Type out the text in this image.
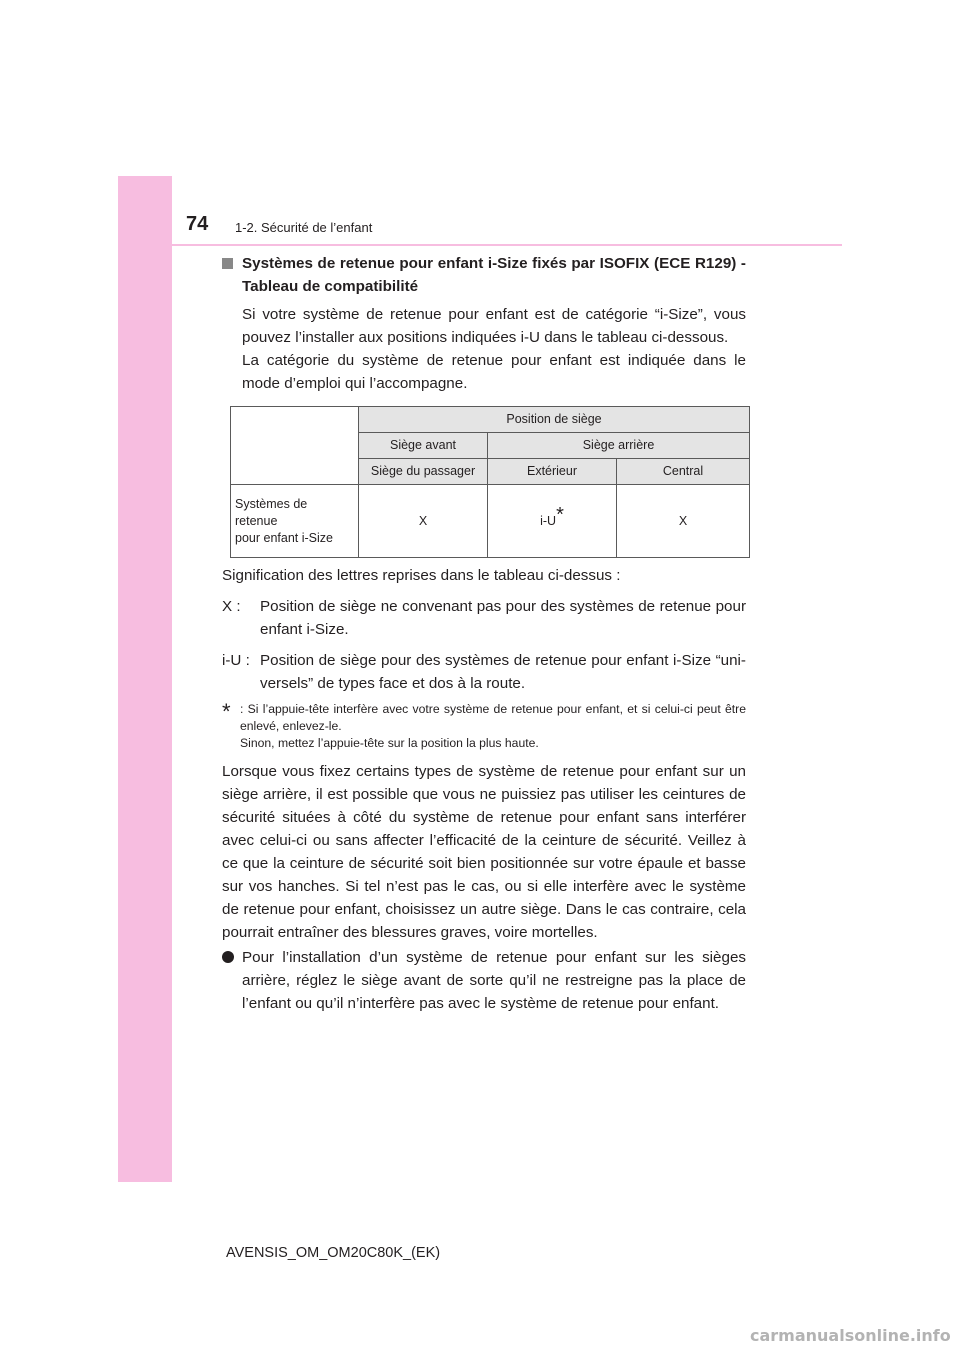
74 1-2. Sécurité de l’enfant
Systèmes de retenue pour enfant i-Size fixés par ISOFIX (ECE R129) - Tableau de compatibilité
Si votre système de retenue pour enfant est de catégorie “i-Size”, vous pouvez l’installer aux positions indiquées i-U dans le tableau ci-dessous.
La catégorie du système de retenue pour enfant est indiquée dans le mode d’emploi qui l’accompagne.
	Position de siège		
	Siège avant	Siège arrière	
	Siège du passager	Extérieur	Central
Systèmes de
retenue
pour enfant i-Size	X	i-U*	X
Signification des lettres reprises dans le tableau ci-dessus :
X :	Position de siège ne convenant pas pour des systèmes de retenue pour enfant i-Size.
i-U : Position de siège pour des systèmes de retenue pour enfant i-Size “uni-versels” de types face et dos à la route.
* : Si l’appuie-tête interfère avec votre système de retenue pour enfant, et si celui-ci peut être enlevé, enlevez-le.
Sinon, mettez l’appuie-tête sur la position la plus haute.
Lorsque vous fixez certains types de système de retenue pour enfant sur un siège arrière, il est possible que vous ne puissiez pas utiliser les ceintures de sécurité situées à côté du système de retenue pour enfant sans interférer avec celui-ci ou sans affecter l’efficacité de la ceinture de sécurité. Veillez à ce que la ceinture de sécurité soit bien positionnée sur votre épaule et basse sur vos hanches. Si tel n’est pas le cas, ou si elle interfère avec le système de retenue pour enfant, choisissez un autre siège. Dans le cas contraire, cela pourrait entraîner des blessures graves, voire mortelles.
Pour l’installation d’un système de retenue pour enfant sur les sièges arrière, réglez le siège avant de sorte qu’il ne restreigne pas la place de l’enfant ou qu’il n’interfère pas avec le système de retenue pour enfant.
AVENSIS_OM_OM20C80K_(EK)
carmanualsonline.info
